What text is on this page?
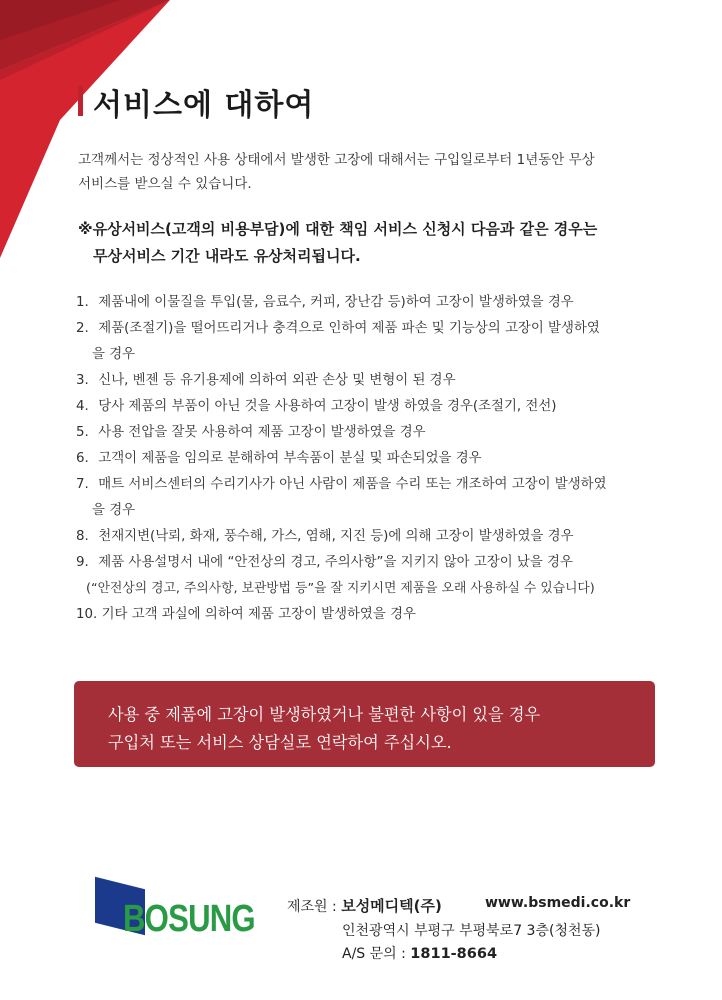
서비스에 대하여
고객께서는 정상적인 사용 상태에서 발생한 고장에 대해서는 구입일로부터 1년동안 무상
서비스를 받으실 수 있습니다.
※유상서비스(고객의 비용부담)에 대한 책임 서비스 신청시 다음과 같은 경우는
무상서비스 기간 내라도 유상처리됩니다.
1. 제품내에 이물질을 투입(물, 음료수, 커피, 장난감 등)하여 고장이 발생하였을 경우
2. 제품(조절기)을 떨어뜨리거나 충격으로 인하여 제품 파손 및 기능상의 고장이 발생하였
을 경우
3. 신나, 벤젠 등 유기용제에 의하여 외관 손상 및 변형이 된 경우
4. 당사 제품의 부품이 아닌 것을 사용하여 고장이 발생 하였을 경우(조절기, 전선)
5. 사용 전압을 잘못 사용하여 제품 고장이 발생하였을 경우
6. 고객이 제품을 임의로 분해하여 부속품이 분실 및 파손되었을 경우
7. 매트 서비스센터의 수리기사가 아닌 사람이 제품을 수리 또는 개조하여 고장이 발생하였
을 경우
8. 천재지변(낙뢰, 화재, 풍수해, 가스, 염해, 지진 등)에 의해 고장이 발생하였을 경우
9. 제품 사용설명서 내에 “안전상의 경고, 주의사항”을 지키지 않아 고장이 났을 경우
(“안전상의 경고, 주의사항, 보관방법 등”을 잘 지키시면 제품을 오래 사용하실 수 있습니다)
10. 기타 고객 과실에 의하여 제품 고장이 발생하였을 경우
사용 중 제품에 고장이 발생하였거나 불편한 사항이 있을 경우
구입처 또는 서비스 상담실로 연락하여 주십시오.
BOSUNG 제조원 : 보성메디텍(주)	www.bsmedi.co.kr
인천광역시 부평구 부평북로7 3층(청천동)
A/S 문의 : 1811-8664
